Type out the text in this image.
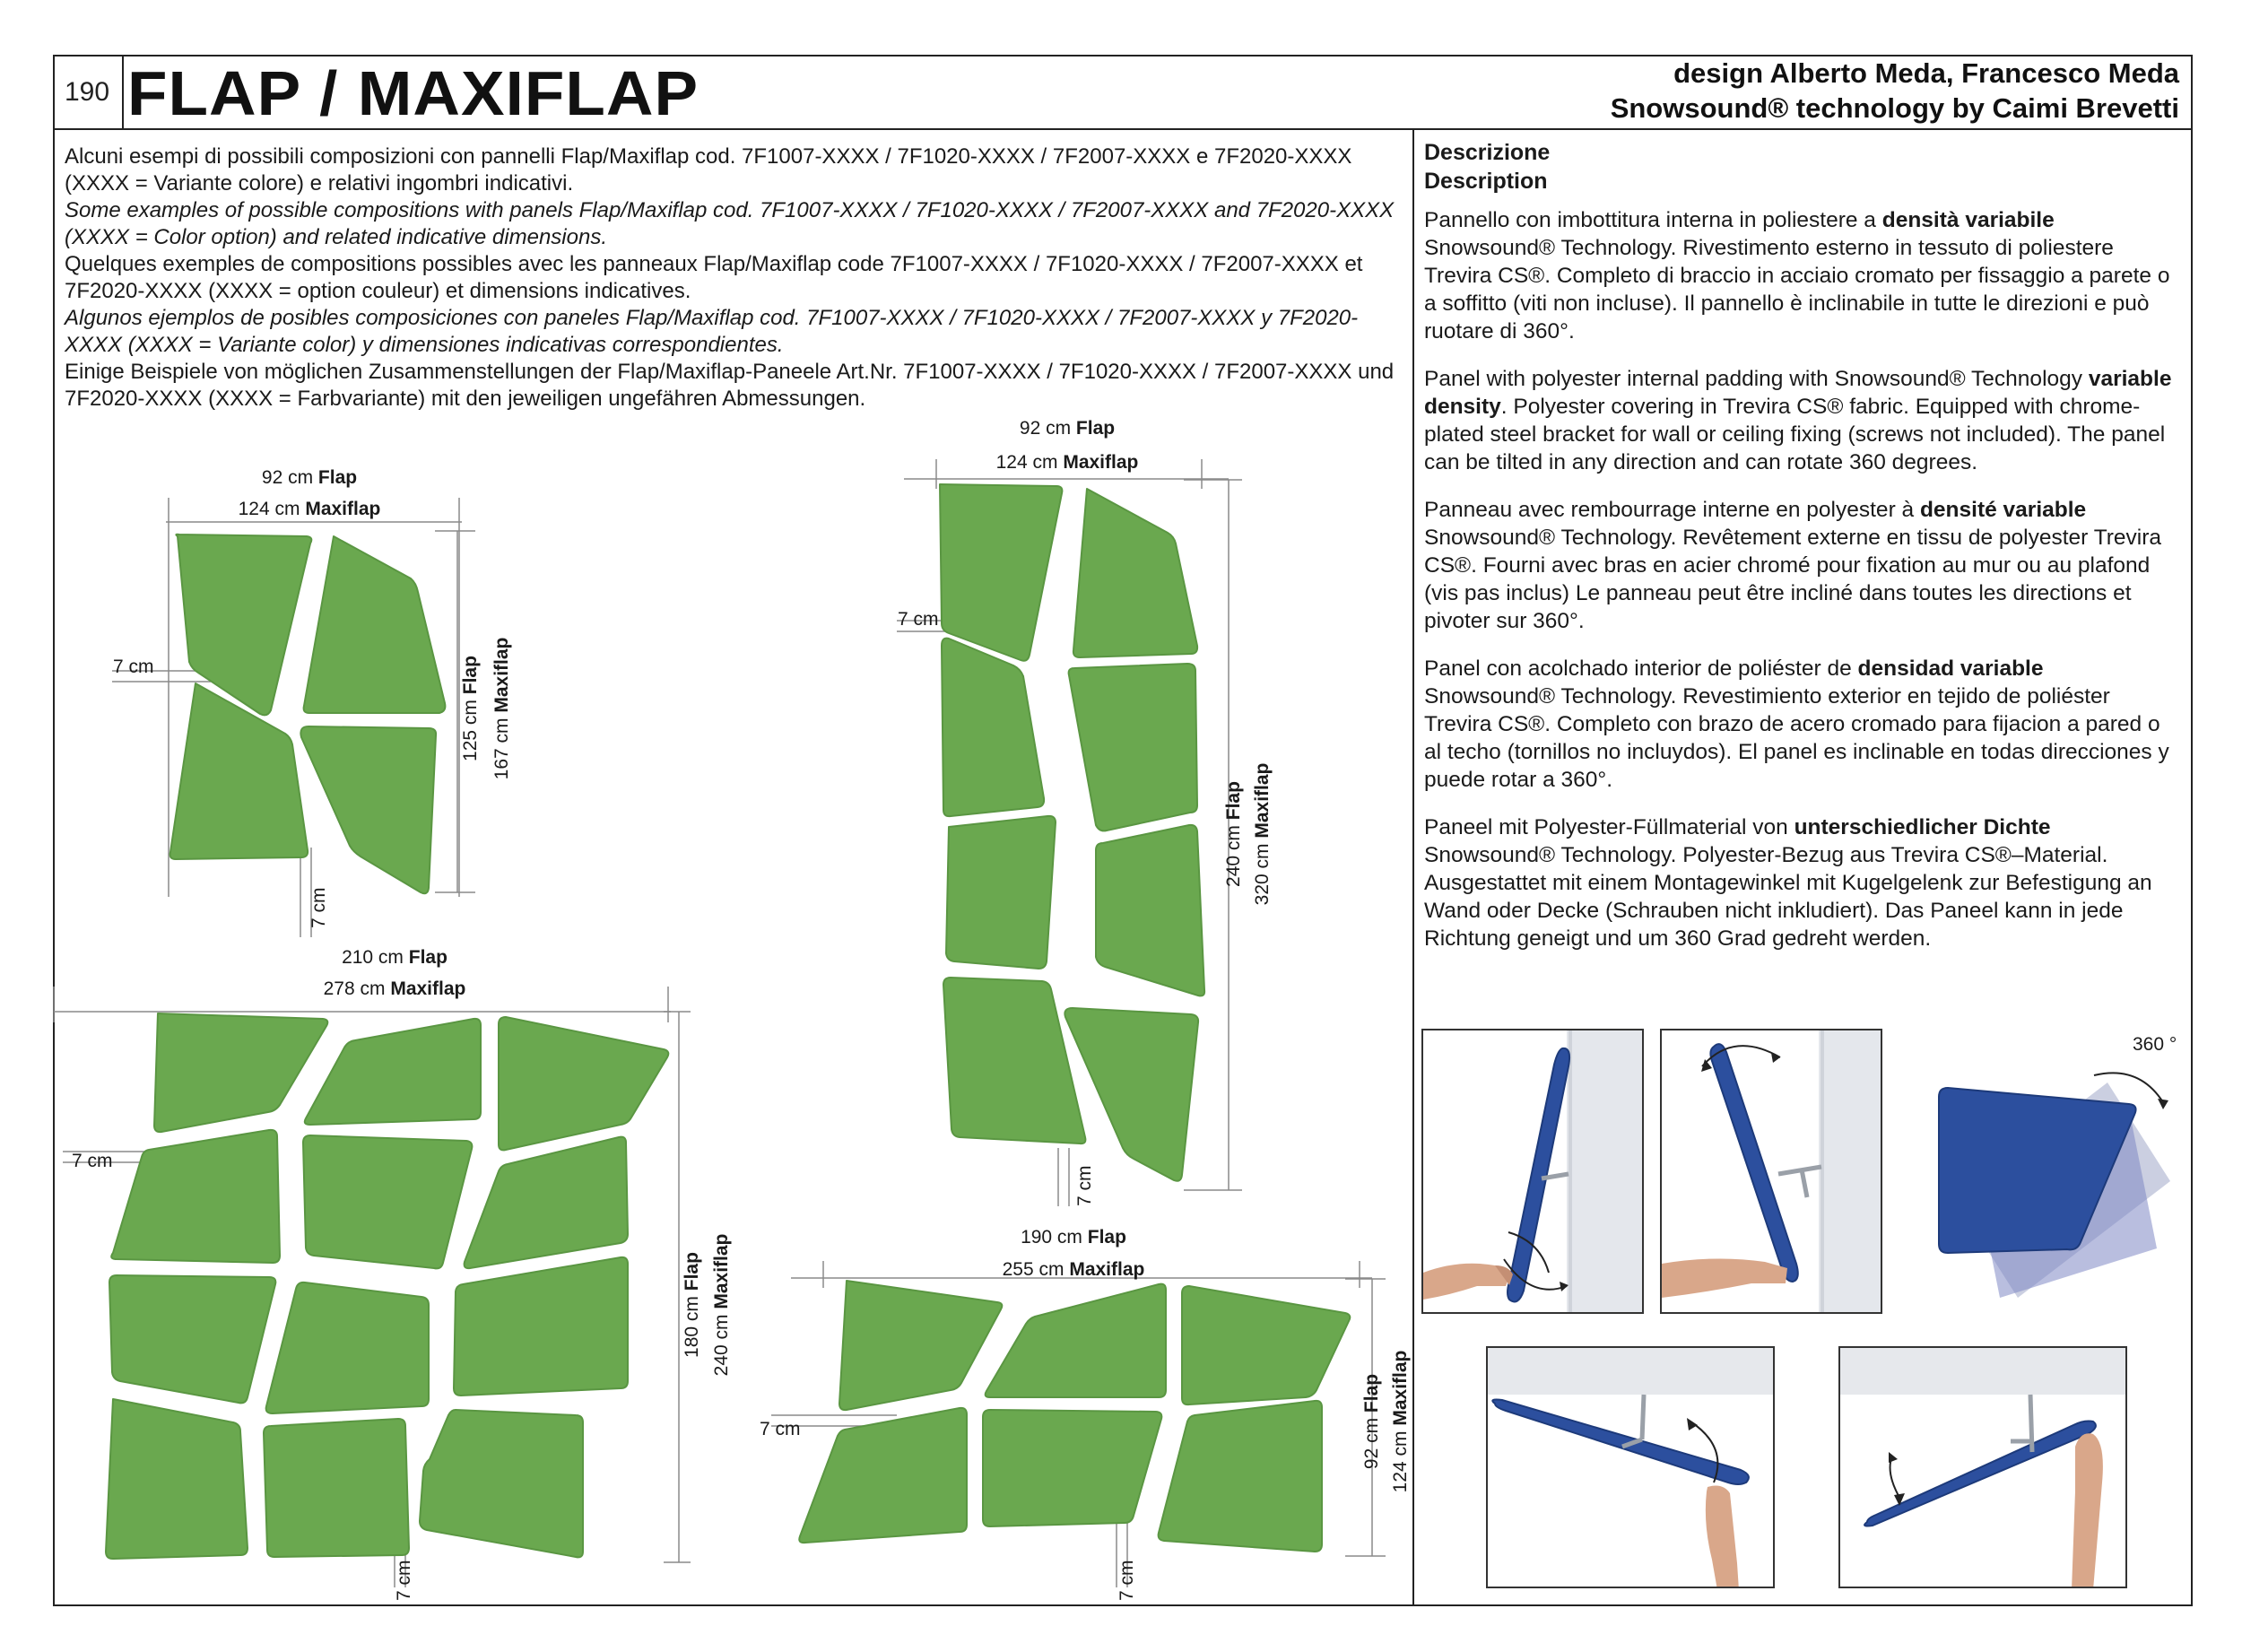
190 FLAP / MAXIFLAP	design Alberto Meda, Francesco Meda
Snowsound® technology by Caimi Brevetti

Alcuni esempi di possibili composizioni con pannelli Flap/Maxiflap cod. 7F1007-XXXX / 7F1020-XXXX / 7F2007-XXXX e 7F2020-XXXX (XXXX = Variante colore) e relativi ingombri indicativi.

Some examples of possible compositions with panels Flap/Maxiflap cod. 7F1007-XXXX / 7F1020-XXXX / 7F2007-XXXX and 7F2020-XXXX (XXXX = Color option) and related indicative dimensions.

Quelques exemples de compositions possibles avec les panneaux Flap/Maxiflap code 7F1007-XXXX / 7F1020-XXXX / 7F2007-XXXX et 7F2020-XXXX (XXXX = option couleur) et dimensions indicatives.

Algunos ejemplos de posibles composiciones con paneles Flap/Maxiflap cod. 7F1007-XXXX / 7F1020-XXXX / 7F2007-XXXX y 7F2020-XXXX (XXXX = Variante color) y dimensiones indicativas correspondientes.

Einige Beispiele von möglichen Zusammenstellungen der Flap/Maxiflap-Paneele Art.Nr. 7F1007-XXXX / 7F1020-XXXX / 7F2007-XXXX und 7F2020-XXXX (XXXX = Farbvariante) mit den jeweiligen ungefähren Abmessungen.

Descrizione
Description

Pannello con imbottitura interna in poliestere a densità variabile Snowsound® Technology. Rivestimento esterno in tessuto di poliestere Trevira CS®. Completo di braccio in acciaio cromato per fissaggio a parete o a soffitto (viti non incluse). Il pannello è inclinabile in tutte le direzioni e può ruotare di 360°.

Panel with polyester internal padding with Snowsound® Technology variable density. Polyester covering in Trevira CS® fabric. Equipped with chrome-plated steel bracket for wall or ceiling fixing (screws not included). The panel can be tilted in any direction and can rotate 360 degrees.

Panneau avec rembourrage interne en polyester à densité variable Snowsound® Technology. Revêtement externe en tissu de polyester Trevira CS®. Fourni avec bras en acier chromé pour fixation au mur ou au plafond (vis pas inclus) Le panneau peut être incliné dans toutes les directions et pivoter sur 360°.

Panel con acolchado interior de poliéster de densidad variable Snowsound® Technology. Revestimiento exterior en tejido de poliéster Trevira CS®. Completo con brazo de acero cromado para fijacion a pared o al techo (tornillos no incluydos). El panel es inclinable en todas direcciones y puede rotar a 360°.

Paneel mit Polyester-Füllmaterial von unterschiedlicher Dichte Snowsound® Technology. Polyester-Bezug aus Trevira CS®–Material. Ausgestattet mit einem Montagewinkel mit Kugelgelenk zur Befestigung an Wand oder Decke (Schrauben nicht inkludiert). Das Paneel kann in jede Richtung geneigt und um 360 Grad gedreht werden.

92 cm Flap
124 cm Maxiflap
125 cm Flap
167 cm Maxiflap
7 cm
7 cm
92 cm Flap
124 cm Maxiflap
240 cm Flap
320 cm Maxiflap
7 cm
7 cm
210 cm Flap
278 cm Maxiflap
180 cm Flap
240 cm Maxiflap
7 cm
7 cm
190 cm Flap
255 cm Maxiflap
92 cm Flap
124 cm Maxiflap
7 cm
7 cm
360 °
